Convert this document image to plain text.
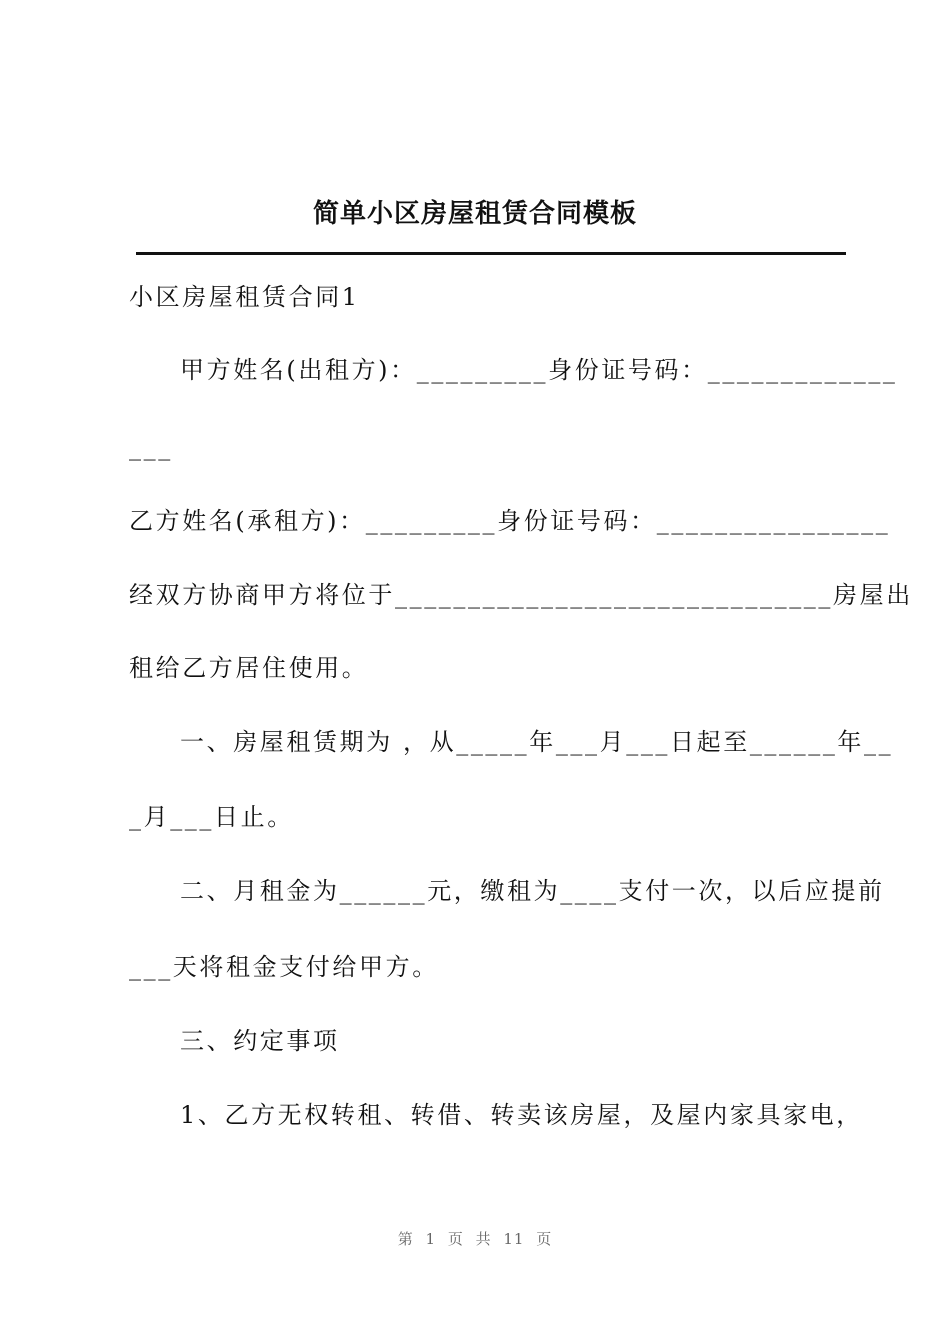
简单小区房屋租赁合同模板
小区房屋租赁合同1
甲方姓名(出租方)：_________身份证号码：_____________
___
乙方姓名(承租方)：_________身份证号码：________________
经双方协商甲方将位于______________________________房屋出
租给乙方居住使用。
一、房屋租赁期为 ，从_____年___月___日起至______年__
_月___日止。
二、月租金为______元，缴租为____支付一次，以后应提前
___天将租金支付给甲方。
三、约定事项
1、乙方无权转租、转借、转卖该房屋，及屋内家具家电，
第 1 页 共 11 页
